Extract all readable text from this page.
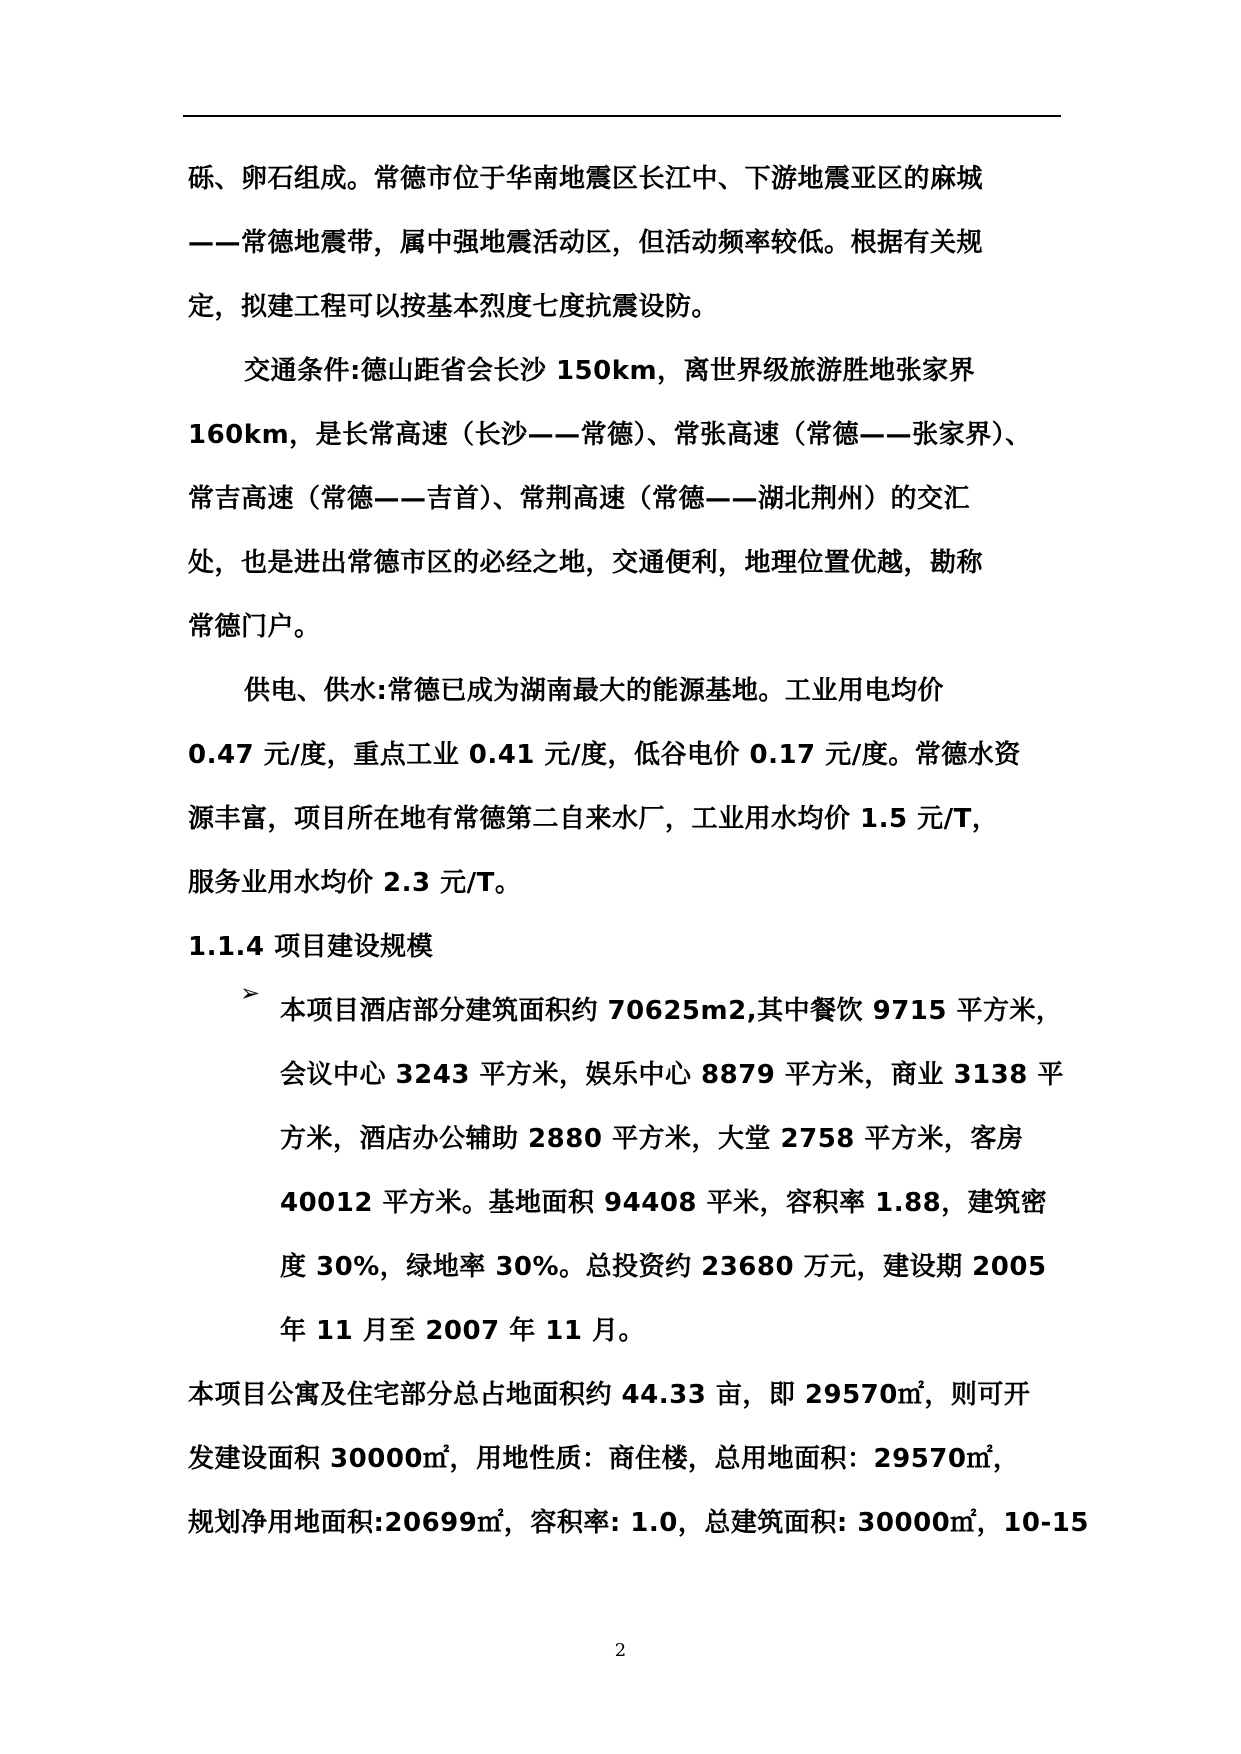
砾、卵石组成。常德市位于华南地震区长江中、下游地震亚区的麻城
——常德地震带，属中强地震活动区，但活动频率较低。根据有关规
定，拟建工程可以按基本烈度七度抗震设防。
交通条件:德山距省会长沙 150km，离世界级旅游胜地张家界
160km，是长常高速（长沙——常德）、常张高速（常德——张家界）、
常吉高速（常德——吉首）、常荆高速（常德——湖北荆州）的交汇
处，也是进出常德市区的必经之地，交通便利，地理位置优越，勘称
常德门户。
供电、供水:常德已成为湖南最大的能源基地。工业用电均价
0.47 元/度，重点工业 0.41 元/度，低谷电价 0.17 元/度。常德水资
源丰富，项目所在地有常德第二自来水厂，工业用水均价 1.5 元/T，
服务业用水均价 2.3 元/T。
1.1.4 项目建设规模
➢
本项目酒店部分建筑面积约 70625m2,其中餐饮 9715 平方米，
会议中心 3243 平方米，娱乐中心 8879 平方米，商业 3138 平
方米，酒店办公辅助 2880 平方米，大堂 2758 平方米，客房
40012 平方米。基地面积 94408 平米，容积率 1.88，建筑密
度 30%，绿地率 30%。总投资约 23680 万元，建设期 2005
年 11 月至 2007 年 11 月。
本项目公寓及住宅部分总占地面积约 44.33 亩，即 29570㎡，则可开
发建设面积 30000㎡，用地性质：商住楼，总用地面积：29570㎡，
规划净用地面积:20699㎡，容积率: 1.0，总建筑面积: 30000㎡，10-15
2
